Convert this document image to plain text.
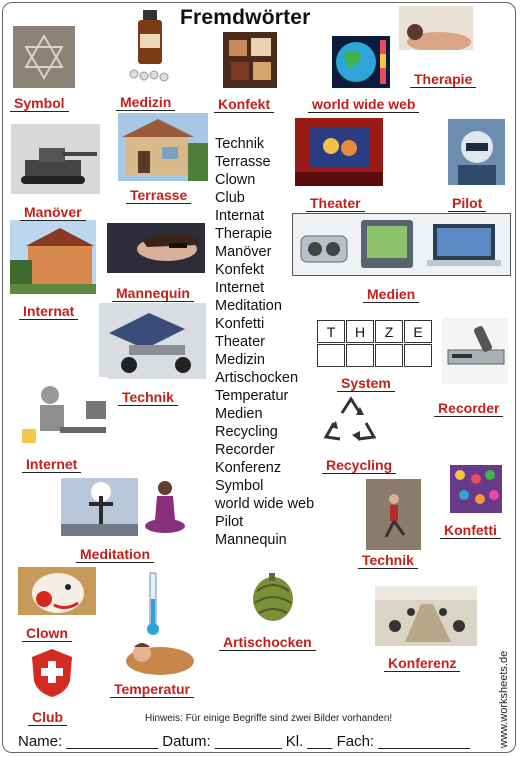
Fremdwörter
T	H	Z	E
Symbol	Medizin	Konfekt	world wide web
Therapie
Manöver
Terrasse	Theater	Pilot
Internat
Mannequin	Medien
Technik
System
Recorder
Internet	Recycling
Meditation	Technik
Konfetti
Clown
Artischocken
Konferenz
Temperatur
Club
Technik
Terrasse
Clown
Club
Internat
Therapie
Manöver
Konfekt
Internet
Meditation
Konfetti
Theater
Medizin
Artischocken
Temperatur
Medien
Recycling
Recorder
Konferenz
Symbol
world wide web
Pilot
Mannequin
Hinweis: Für einige Begriffe sind zwei Bilder vorhanden!
Name: ___________ Datum: ________ Kl. ___ Fach: ___________	www.worksheets.de
